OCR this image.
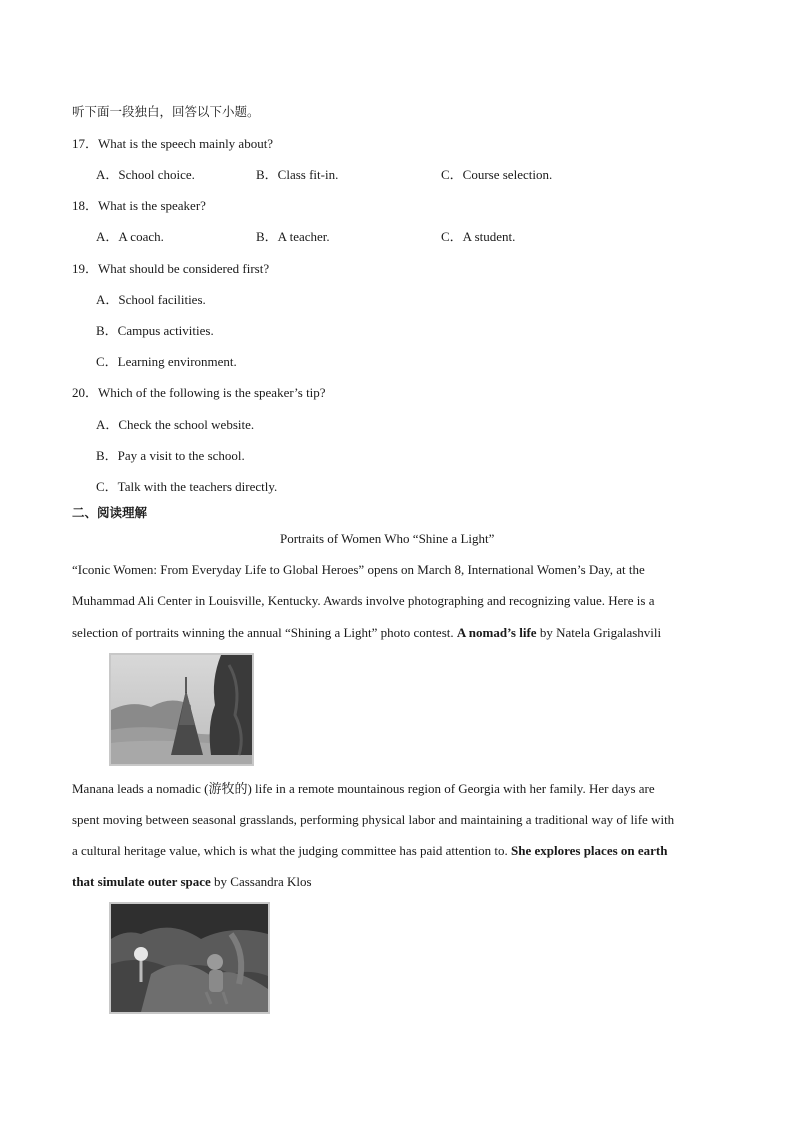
听下面一段独白，回答以下小题。
17．What is the speech mainly about?
A．School choice.	B．Class fit-in.	C．Course selection.
18．What is the speaker?
A．A coach.	B．A teacher.	C．A student.
19．What should be considered first?
A．School facilities.
B．Campus activities.
C．Learning environment.
20．Which of the following is the speaker’s tip?
A．Check the school website.
B．Pay a visit to the school.
C．Talk with the teachers directly.
二、阅读理解
Portraits of Women Who “Shine a Light”
“Iconic Women: From Everyday Life to Global Heroes” opens on March 8, International Women’s Day, at the
Muhammad Ali Center in Louisville, Kentucky. Awards involve photographing and recognizing value. Here is a
selection of portraits winning the annual “Shining a Light” photo contest. A nomad’s life by Natela Grigalashvili
Manana leads a nomadic (游牧的) life in a remote mountainous region of Georgia with her family. Her days are
spent moving between seasonal grasslands, performing physical labor and maintaining a traditional way of life with
a cultural heritage value, which is what the judging committee has paid attention to. She explores places on earth
that simulate outer space by Cassandra Klos
